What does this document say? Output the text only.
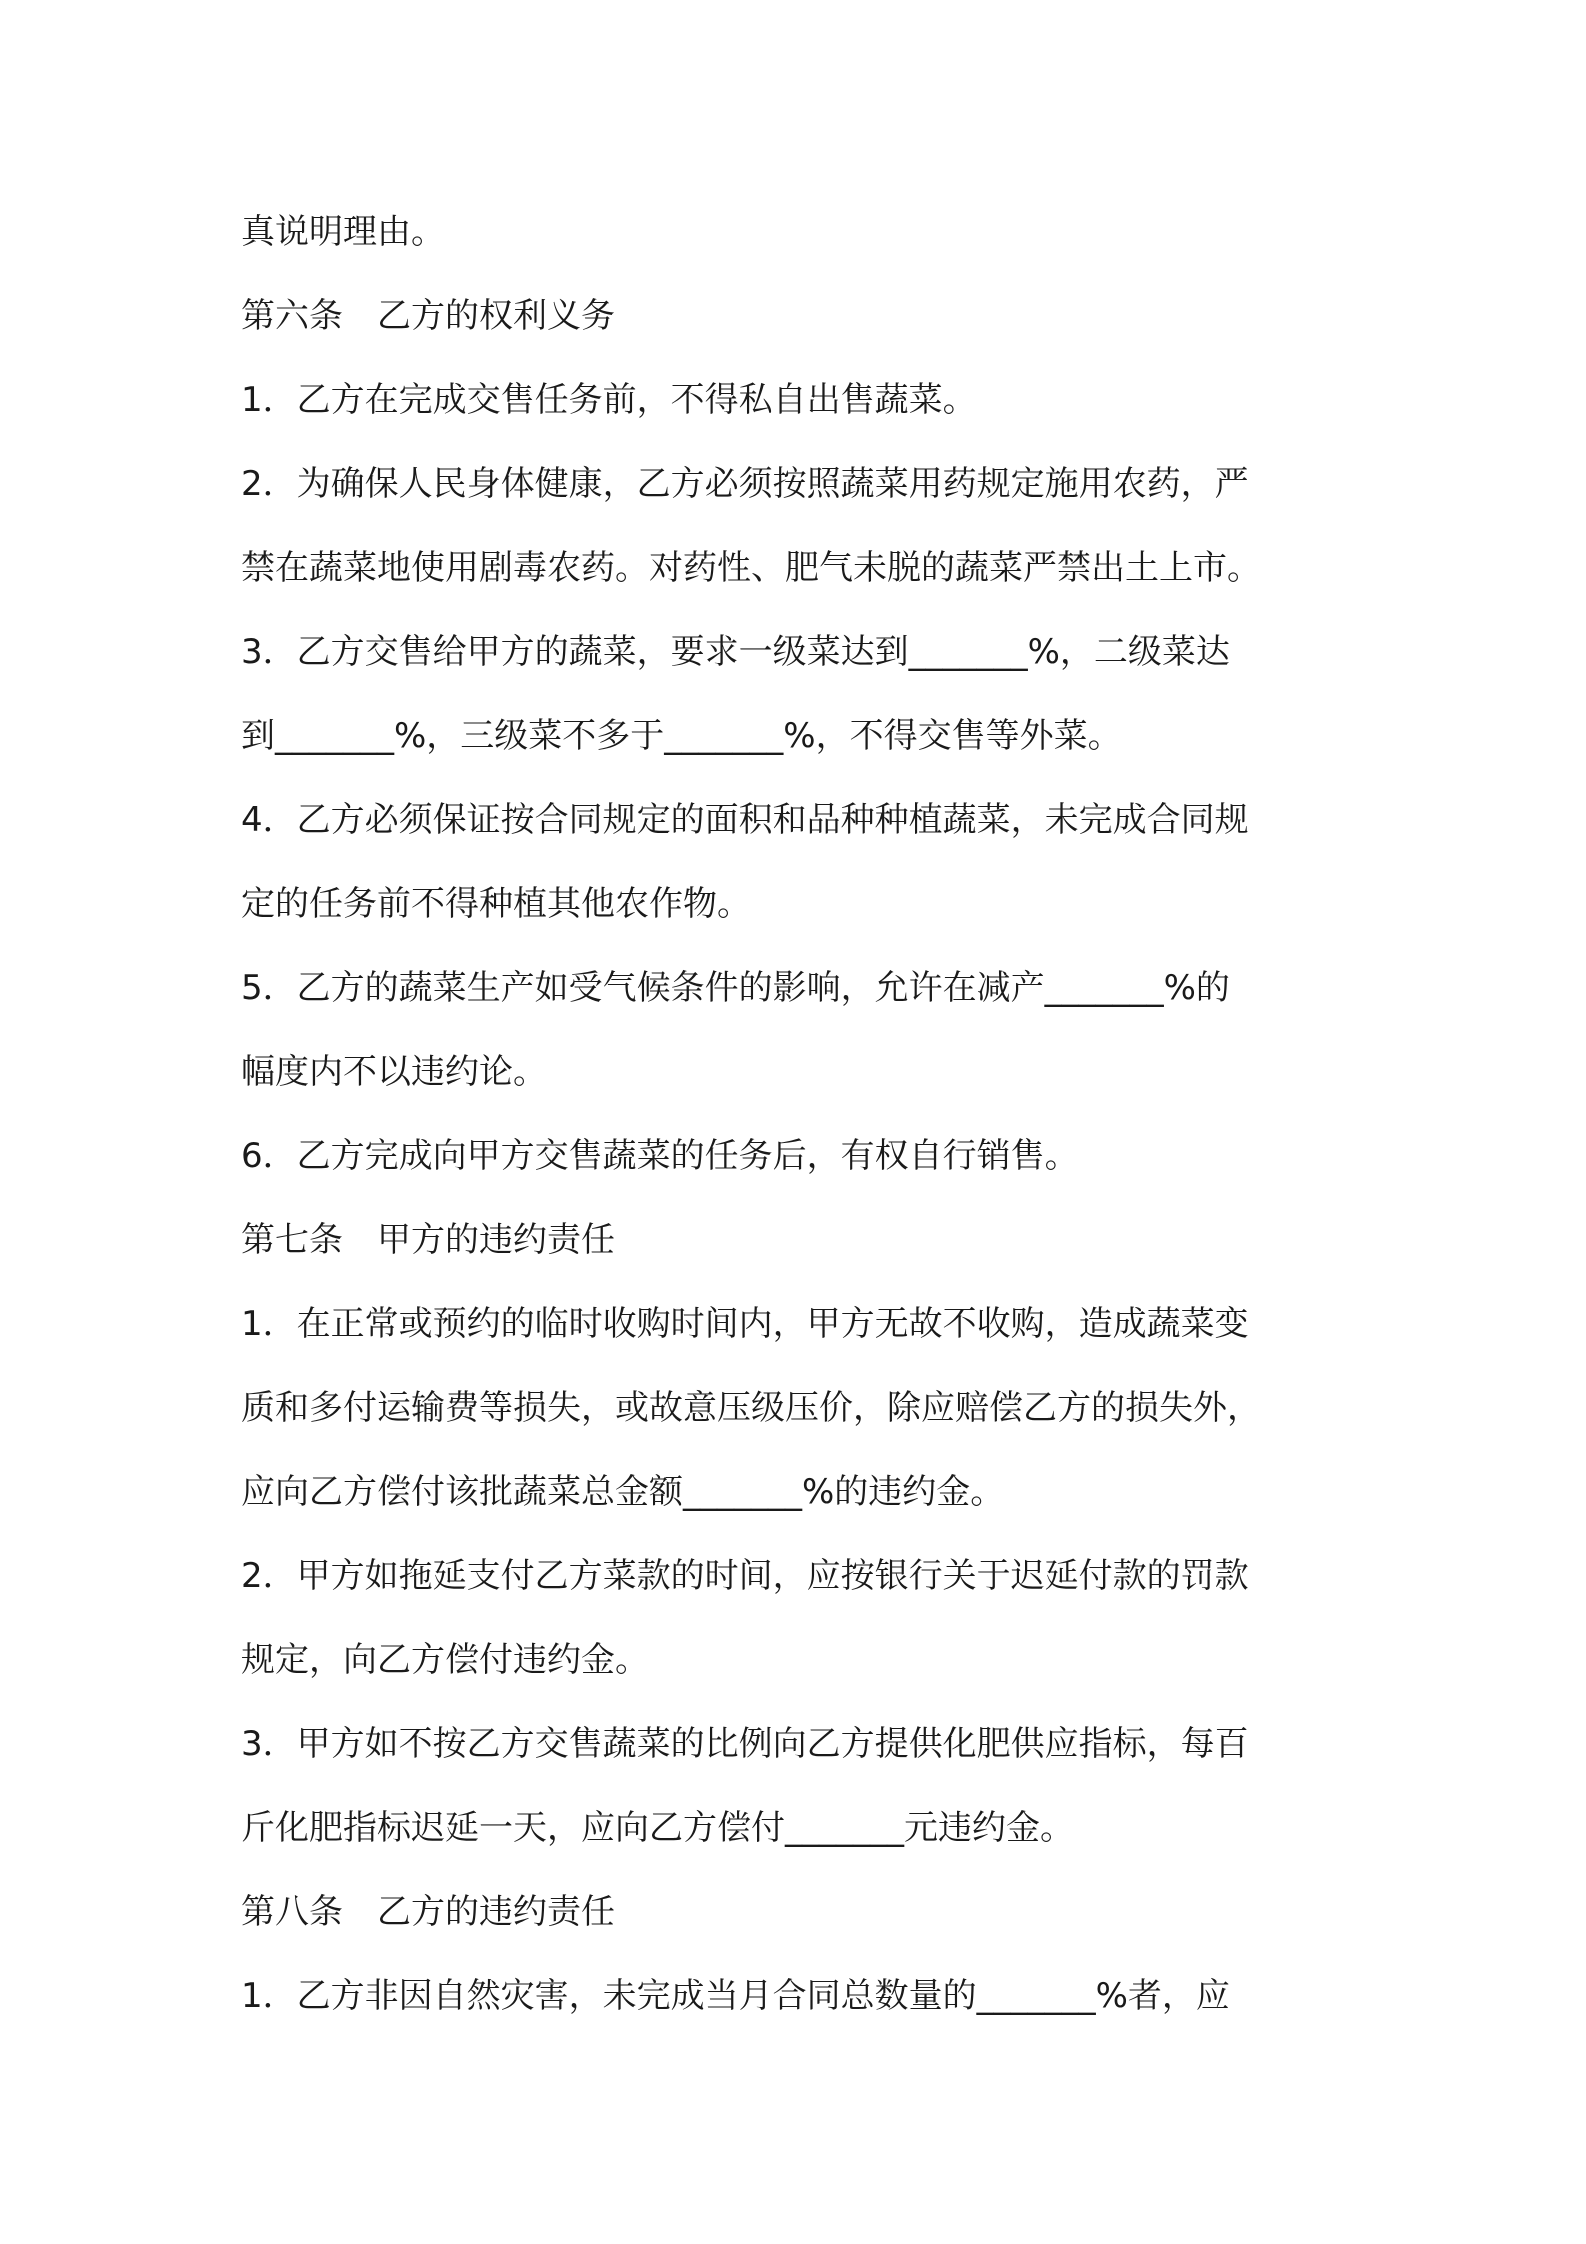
真说明理由。
第六条　乙方的权利义务
1．乙方在完成交售任务前，不得私自出售蔬菜。
2．为确保人民身体健康，乙方必须按照蔬菜用药规定施用农药，严
禁在蔬菜地使用剧毒农药。对药性、肥气未脱的蔬菜严禁出土上市。
3．乙方交售给甲方的蔬菜，要求一级菜达到_______%，二级菜达
到_______%，三级菜不多于_______%，不得交售等外菜。
4．乙方必须保证按合同规定的面积和品种种植蔬菜，未完成合同规
定的任务前不得种植其他农作物。
5．乙方的蔬菜生产如受气候条件的影响，允许在减产_______%的
幅度内不以违约论。
6．乙方完成向甲方交售蔬菜的任务后，有权自行销售。
第七条　甲方的违约责任
1．在正常或预约的临时收购时间内，甲方无故不收购，造成蔬菜变
质和多付运输费等损失，或故意压级压价，除应赔偿乙方的损失外，
应向乙方偿付该批蔬菜总金额_______%的违约金。
2．甲方如拖延支付乙方菜款的时间，应按银行关于迟延付款的罚款
规定，向乙方偿付违约金。
3．甲方如不按乙方交售蔬菜的比例向乙方提供化肥供应指标，每百
斤化肥指标迟延一天，应向乙方偿付_______元违约金。
第八条　乙方的违约责任
1．乙方非因自然灾害，未完成当月合同总数量的_______%者，应
